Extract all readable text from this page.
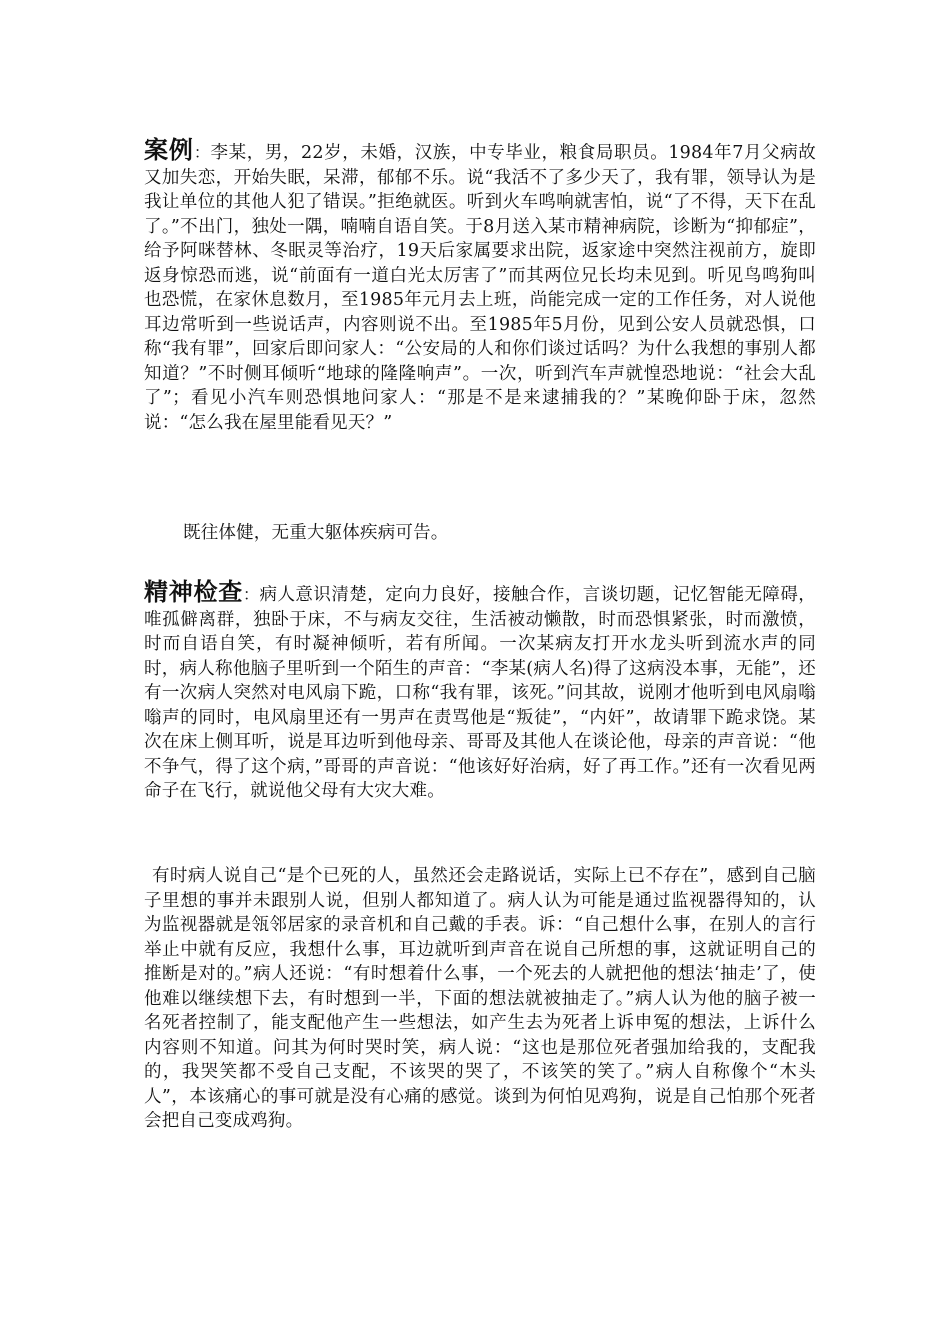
案例：李某，男，22岁，未婚，汉族，中专毕业，粮食局职员。1984年7月父病故又加失恋，开始失眠，呆滞，郁郁不乐。说“我活不了多少天了，我有罪，领导认为是我让单位的其他人犯了错误。”拒绝就医。听到火车鸣响就害怕，说“了不得，天下在乱了。”不出门，独处一隅，喃喃自语自笑。于8月送入某市精神病院，诊断为“抑郁症”，给予阿咪替林、冬眠灵等治疗，19天后家属要求出院，返家途中突然注视前方，旋即返身惊恐而逃，说“前面有一道白光太厉害了”而其两位兄长均未见到。听见鸟鸣狗叫也恐慌，在家休息数月，至1985年元月去上班，尚能完成一定的工作任务，对人说他耳边常听到一些说话声，内容则说不出。至1985年5月份，见到公安人员就恐惧，口称“我有罪”，回家后即问家人：“公安局的人和你们谈过话吗？为什么我想的事别人都知道？”不时侧耳倾听“地球的隆隆响声”。一次，听到汽车声就惶恐地说：“社会大乱了”；看见小汽车则恐惧地问家人：“那是不是来逮捕我的？”某晚仰卧于床，忽然说：“怎么我在屋里能看见天？”

既往体健，无重大躯体疾病可告。

精神检查：病人意识清楚，定向力良好，接触合作，言谈切题，记忆智能无障碍，唯孤僻离群，独卧于床，不与病友交往，生活被动懒散，时而恐惧紧张，时而激愤，时而自语自笑，有时凝神倾听，若有所闻。一次某病友打开水龙头听到流水声的同时，病人称他脑子里听到一个陌生的声音：“李某(病人名)得了这病没本事，无能”，还有一次病人突然对电风扇下跪，口称“我有罪，该死。”问其故，说刚才他听到电风扇嗡嗡声的同时，电风扇里还有一男声在责骂他是“叛徒”，“内奸”，故请罪下跪求饶。某次在床上侧耳听，说是耳边听到他母亲、哥哥及其他人在谈论他，母亲的声音说：“他不争气，得了这个病，”哥哥的声音说：“他该好好治病，好了再工作。”还有一次看见两命子在飞行，就说他父母有大灾大难。

有时病人说自己“是个已死的人，虽然还会走路说话，实际上已不存在”，感到自己脑子里想的事并未跟别人说，但别人都知道了。病人认为可能是通过监视器得知的，认为监视器就是瓴邻居家的录音机和自己戴的手表。诉：“自己想什么事，在别人的言行举止中就有反应，我想什么事，耳边就听到声音在说自己所想的事，这就证明自己的推断是对的。”病人还说：“有时想着什么事，一个死去的人就把他的想法‘抽走’了，使他难以继续想下去，有时想到一半，下面的想法就被抽走了。”病人认为他的脑子被一名死者控制了，能支配他产生一些想法，如产生去为死者上诉申冤的想法，上诉什么内容则不知道。问其为何时哭时笑，病人说：“这也是那位死者强加给我的，支配我的，我哭笑都不受自己支配，不该哭的哭了，不该笑的笑了。”病人自称像个“木头人”，本该痛心的事可就是没有心痛的感觉。谈到为何怕见鸡狗，说是自己怕那个死者会把自己变成鸡狗。
